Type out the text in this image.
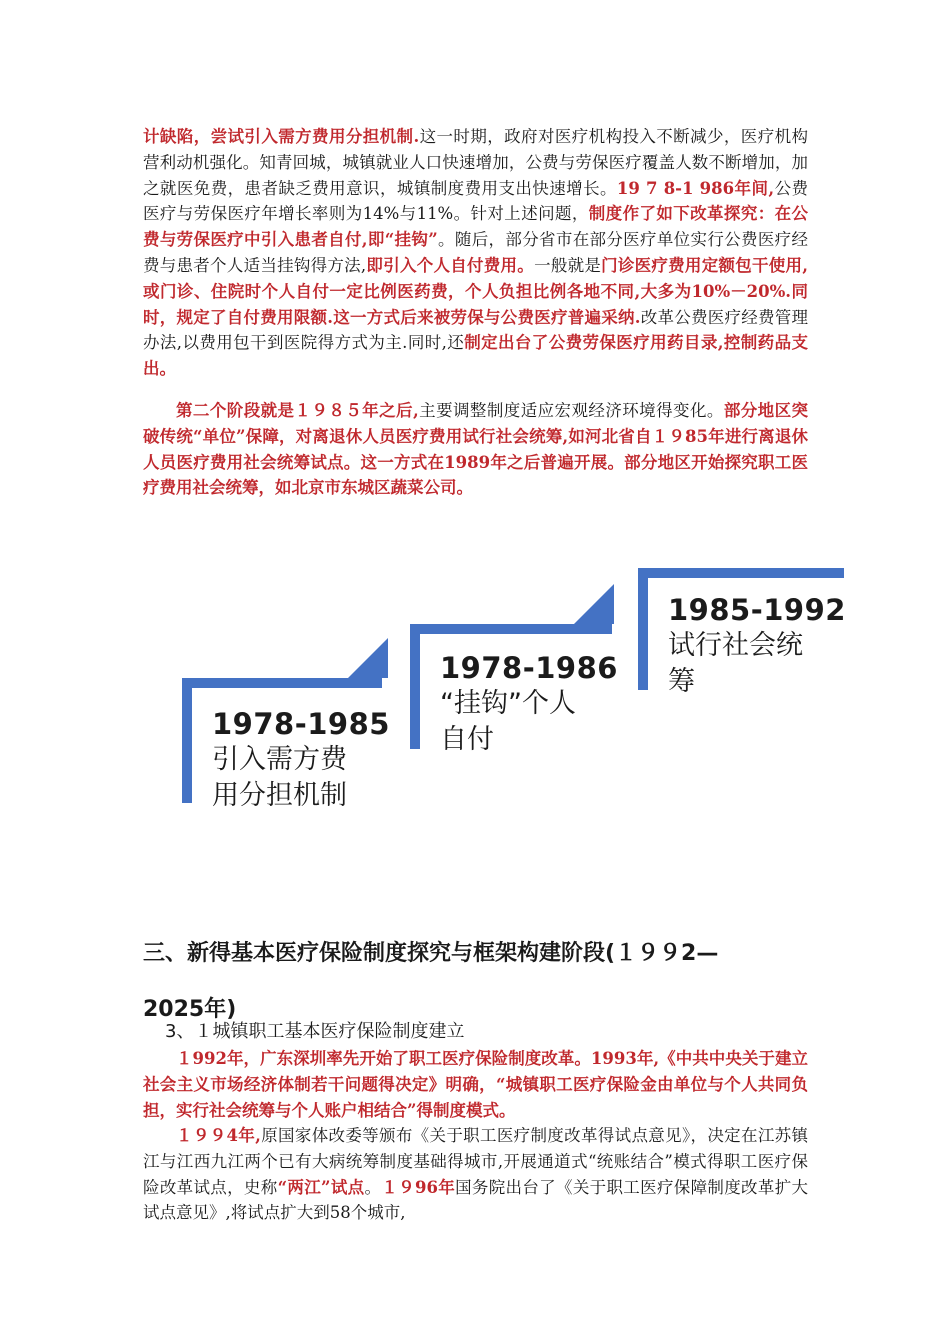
计缺陷，尝试引入需方费用分担机制.这一时期，政府对医疗机构投入不断减少，医疗机构营利动机强化。知青回城，城镇就业人口快速增加，公费与劳保医疗覆盖人数不断增加，加之就医免费，患者缺乏费用意识，城镇制度费用支出快速增长。19 7 8-1 986年间,公费医疗与劳保医疗年增长率则为14%与11%。针对上述问题，制度作了如下改革探究：在公费与劳保医疗中引入患者自付,即“挂钩”。随后，部分省市在部分医疗单位实行公费医疗经费与患者个人适当挂钩得方法,即引入个人自付费用。一般就是门诊医疗费用定额包干使用,或门诊、住院时个人自付一定比例医药费，个人负担比例各地不同,大多为10%－20%.同时，规定了自付费用限额.这一方式后来被劳保与公费医疗普遍采纳.改革公费医疗经费管理办法,以费用包干到医院得方式为主.同时,还制定出台了公费劳保医疗用药目录,控制药品支出。
第二个阶段就是１９８５年之后,主要调整制度适应宏观经济环境得变化。部分地区突破传统“单位”保障，对离退休人员医疗费用试行社会统筹,如河北省自１９85年进行离退休人员医疗费用社会统筹试点。这一方式在1989年之后普遍开展。部分地区开始探究职工医疗费用社会统筹，如北京市东城区蔬菜公司。
1978-1985
引入需方费
用分担机制
1978-1986
“挂钩”个人
自付
1985-1992
试行社会统
筹
三、新得基本医疗保险制度探究与框架构建阶段(１９９2—
2025年)
3、１城镇职工基本医疗保险制度建立
１992年，广东深圳率先开始了职工医疗保险制度改革。1993年,《中共中央关于建立社会主义市场经济体制若干问题得决定》明确，“城镇职工医疗保险金由单位与个人共同负担，实行社会统筹与个人账户相结合”得制度模式。
１９９4年,原国家体改委等颁布《关于职工医疗制度改革得试点意见》，决定在江苏镇江与江西九江两个已有大病统筹制度基础得城市,开展通道式“统账结合”模式得职工医疗保险改革试点，史称“两江”试点。１９96年国务院出台了《关于职工医疗保障制度改革扩大试点意见》,将试点扩大到58个城市,
